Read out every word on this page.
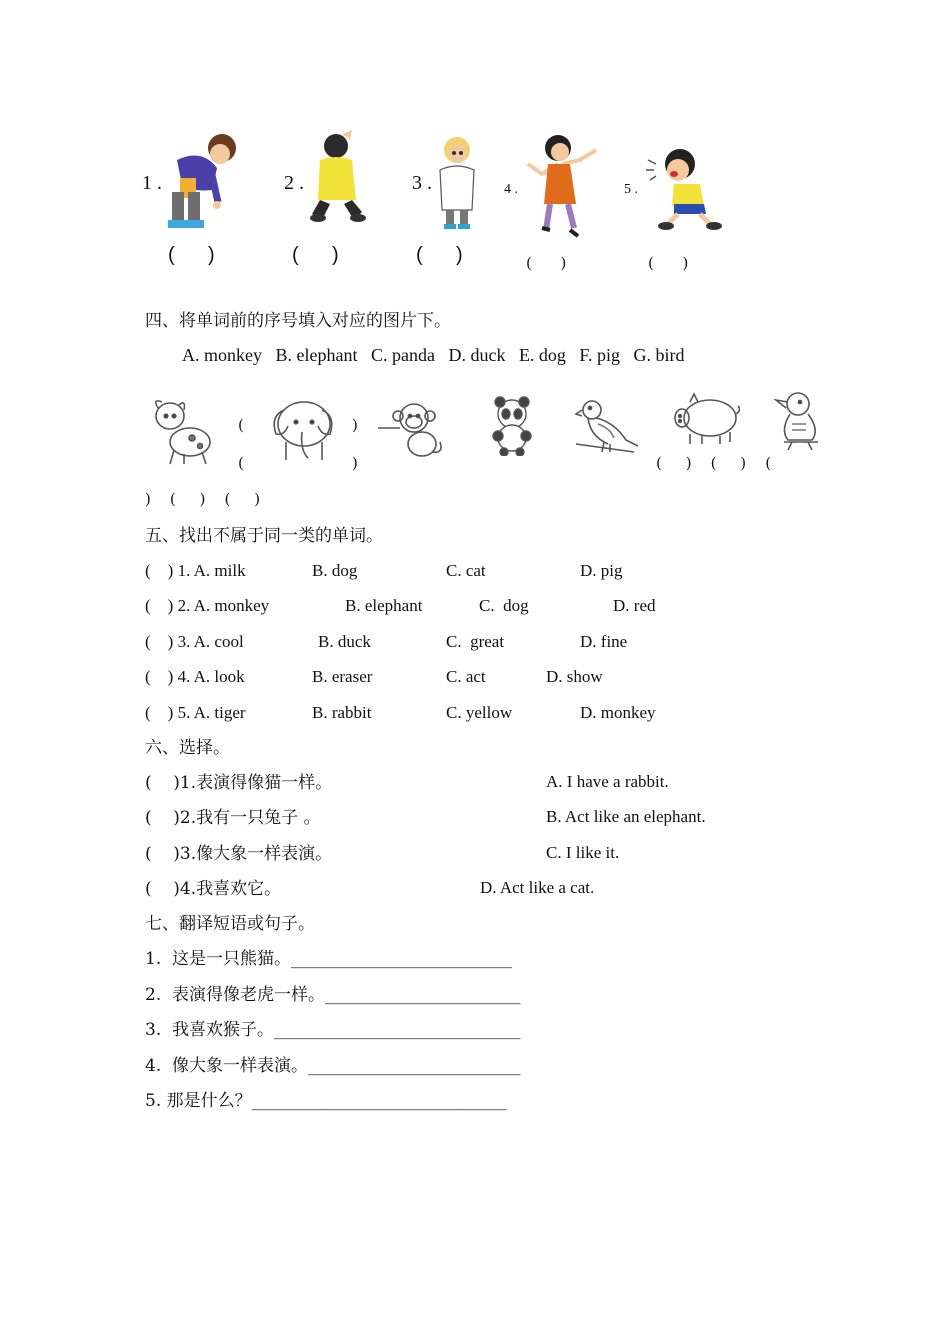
1 .
(      )
2 .
(      )
3 .
(      )
4 .
(      )
5 .
(      )
四、将单词前的序号填入对应的图片下。
A. monkey   B. elephant   C. panda   D. duck   E. dog   F. pig   G. bird
(	)
(	)	(     )    (     )    (
)    (     )    (     )
五、找出不属于同一类的单词。
(    ) 1. A. milk	B. dog	C. cat	D. pig
(    ) 2. A. monkey	B. elephant	C.  dog	D. red
(    ) 3. A. cool	B. duck	C.  great	D. fine
(    ) 4. A. look	B. eraser	C. act	D. show
(    ) 5. A. tiger	B. rabbit	C. yellow	D. monkey
六、选择。
(    )1.表演得像猫一样。	A. I have a rabbit.
(    )2.我有一只兔子 。	B. Act like an elephant.
(    )3.像大象一样表演。	C. I like it.
(    )4.我喜欢它。	D. Act like a cat.
七、翻译短语或句子。
1.  这是一只熊猫。__________________________
2.  表演得像老虎一样。_______________________
3.  我喜欢猴子。_____________________________
4.  像大象一样表演。_________________________
5. 那是什么？______________________________
